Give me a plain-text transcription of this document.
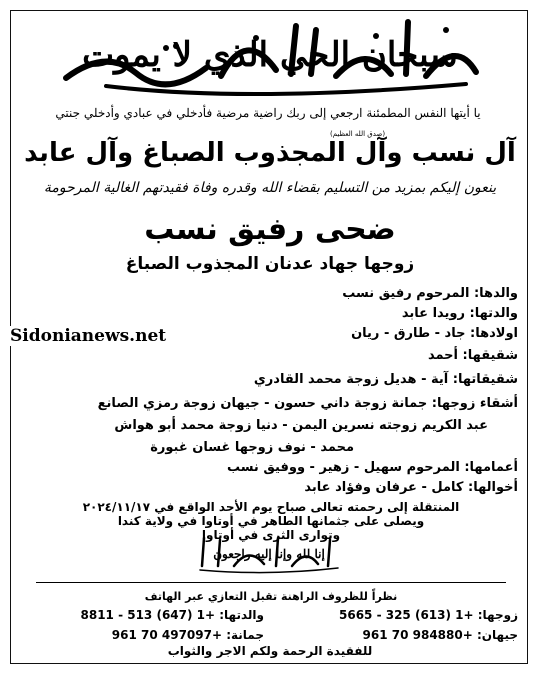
سبحان الحي الذي لا يموت
يا أيتها النفس المطمئنة ارجعي إلى ربك راضية مرضية فأدخلي في عبادي وأدخلي جنتي
(صدق الله العظيم)
آل نسب وآل المجذوب الصباغ وآل عابد
ينعون إليكم بمزيد من التسليم بقضاء الله وقدره وفاة فقيدتهم الغالية المرحومة
ضحى رفيق نسب
زوجها جهاد عدنان المجذوب الصباغ
والدها: المرحوم رفيق نسب
والدتها: رويدا عابد
اولادها: جاد - طارق - ريان
شقيقها: أحمد
شقيقاتها: آية - هديل زوجة محمد القادري
أشقاء زوجها: جمانة زوجة داني حسون - جيهان زوجة رمزي الصانع
عبد الكريم زوجته نسرين اليمن - دنيا زوجة محمد أبو هواش
محمد - نوف زوجها غسان غبورة
أعمامها: المرحوم سهيل - زهير - ووفيق نسب
أخوالها: كامل - عرفان وفؤاد عابد
Sidonianews.net
المنتقلة إلى رحمته تعالى صباح يوم الأحد الواقع في ٢٠٢٤/١١/١٧
ويصلى على جثمانها الطاهر في أوتاوا في ولاية كندا
وتوارى الثرى في أوتاوا
إنا لله وإنا إليه راجعون
نظراً للظروف الراهنة تقبل التعازي عبر الهاتف
زوجها: 5665 - 325 (613) 1+
والدتها: 8811 - 513 (647) 1+
جيهان: 961 70 984880+
جمانة: 961 70 497097+
للفقيدة الرحمة ولكم الاجر والثواب
